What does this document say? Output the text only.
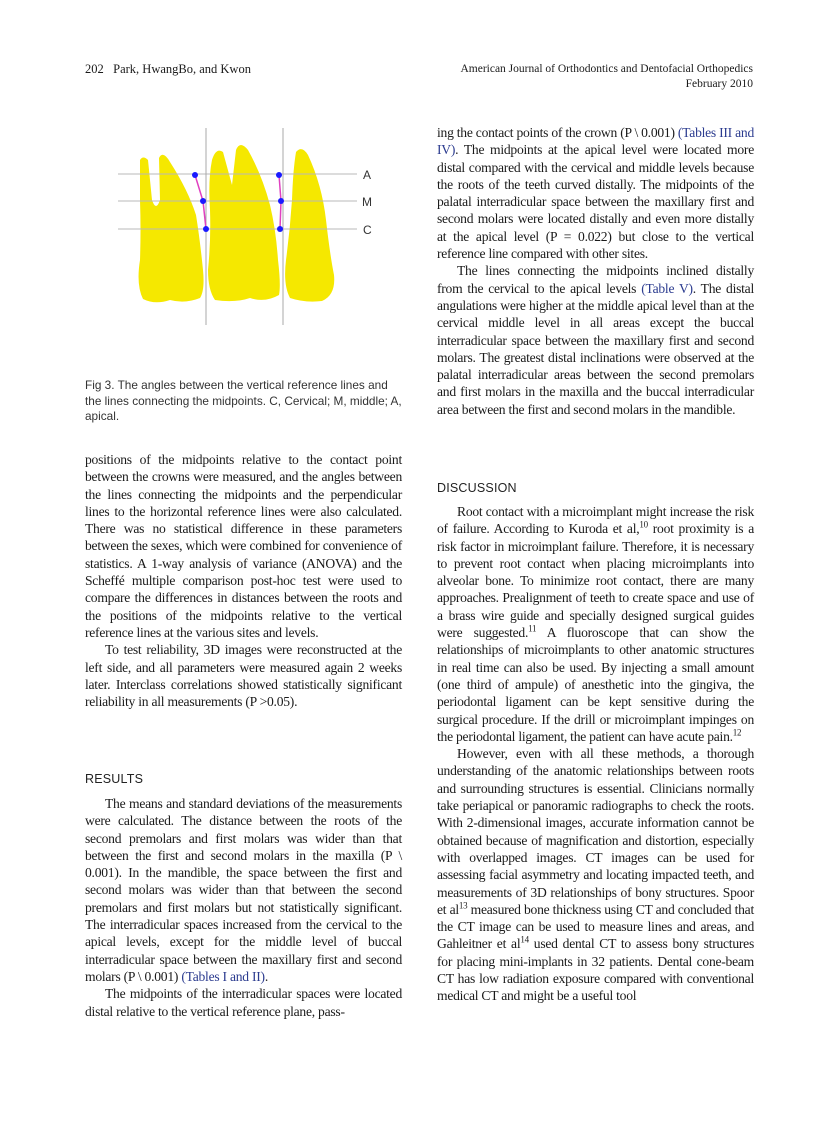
202 Park, HwangBo, and Kwon	American Journal of Orthodontics and Dentofacial Orthopedics
February 2010
A
M
C
Fig 3. The angles between the vertical reference lines and the lines connecting the midpoints. C, Cervical; M, middle; A, apical.

positions of the midpoints relative to the contact point between the crowns were measured, and the angles between the lines connecting the midpoints and the perpendicular lines to the horizontal reference lines were also calculated. There was no statistical difference in these parameters between the sexes, which were combined for convenience of statistics. A 1-way analysis of variance (ANOVA) and the Scheffé multiple comparison post-hoc test were used to compare the differences in distances between the roots and the positions of the midpoints relative to the vertical reference lines at the various sites and levels.

To test reliability, 3D images were reconstructed at the left side, and all parameters were measured again 2 weeks later. Interclass correlations showed statistically significant reliability in all measurements (P >0.05).

RESULTS

The means and standard deviations of the measurements were calculated. The distance between the roots of the second premolars and first molars was wider than that between the first and second molars in the maxilla (P \ 0.001). In the mandible, the space between the first and second molars was wider than that between the second premolars and first molars but not statistically significant. The interradicular spaces increased from the cervical to the apical levels, except for the middle level of buccal interradicular space between the maxillary first and second molars (P \ 0.001) (Tables I and II).

The midpoints of the interradicular spaces were located distal relative to the vertical reference plane, pass-

ing the contact points of the crown (P \ 0.001) (Tables III and IV). The midpoints at the apical level were located more distal compared with the cervical and middle levels because the roots of the teeth curved distally. The midpoints of the palatal interradicular space between the maxillary first and second molars were located distally and even more distally at the apical level (P = 0.022) but close to the vertical reference line compared with other sites.

The lines connecting the midpoints inclined distally from the cervical to the apical levels (Table V). The distal angulations were higher at the middle apical level than at the cervical middle level in all areas except the buccal interradicular space between the maxillary first and second molars. The greatest distal inclinations were observed at the palatal interradicular areas between the second premolars and first molars in the maxilla and the buccal interradicular area between the first and second molars in the mandible.

DISCUSSION

Root contact with a microimplant might increase the risk of failure. According to Kuroda et al,$^{10}$ root proximity is a risk factor in microimplant failure. Therefore, it is necessary to prevent root contact when placing microimplants into alveolar bone. To minimize root contact, there are many approaches. Prealignment of teeth to create space and use of a brass wire guide and specially designed surgical guides were suggested.$^{11}$ A fluoroscope that can show the relationships of microimplants to other anatomic structures in real time can also be used. By injecting a small amount (one third of ampule) of anesthetic into the gingiva, the periodontal ligament can be kept sensitive during the surgical procedure. If the drill or microimplant impinges on the periodontal ligament, the patient can have acute pain.$^{12}$

However, even with all these methods, a thorough understanding of the anatomic relationships between roots and surrounding structures is essential. Clinicians normally take periapical or panoramic radiographs to check the roots. With 2-dimensional images, accurate information cannot be obtained because of magnification and distortion, especially with overlapped images. CT images can be used for assessing facial asymmetry and locating impacted teeth, and measurements of 3D relationships of bony structures. Spoor et $al^{13}$ measured bone thickness using CT and concluded that the CT image can be used to measure lines and areas, and Gahleitner et $al^{14}$ used dental CT to assess bony structures for placing mini-implants in 32 patients. Dental cone-beam CT has low radiation exposure compared with conventional medical CT and might be a useful tool
